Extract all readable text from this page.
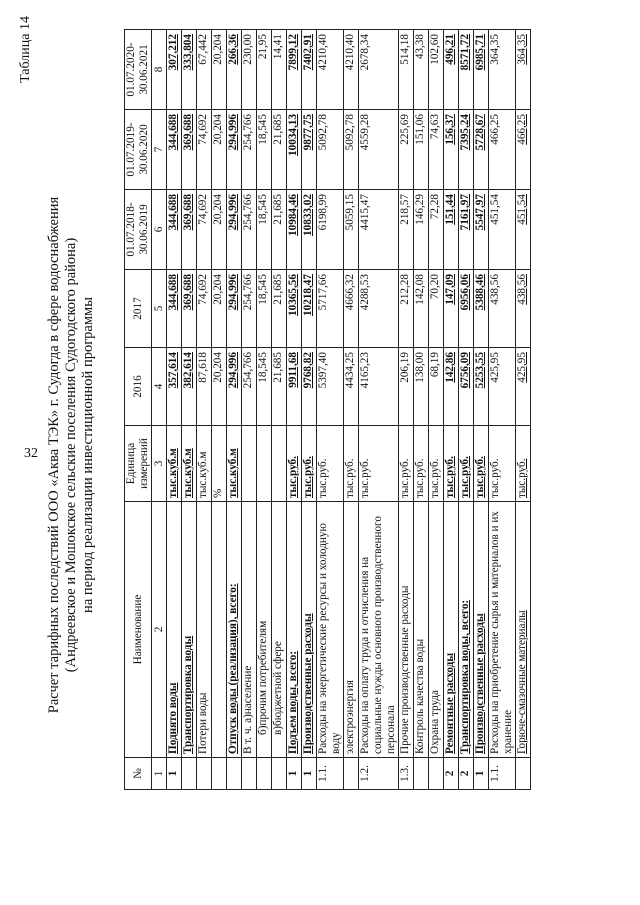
32
Таблица 14
Расчет тарифных последствий ООО «Аква ТЭК» г. Судогда в сфере водоснабжения (Андреевское и Мошокское сельские поселения Судогодского района) на период реализации инвестиционной программы
№	Наименование	Единица измерений	2016	2017	01.07.2018-30.06.2019	01.07.2019-30.06.2020	01.07.2020-30.06.2021
1	2	3	4	5	6	7	8
1	Поднято воды	тыс.куб.м	357,614	344,688	344,688	344,688	307,212
	Транспортировка воды	тыс.куб.м	382,614	369,688	369,688	369,688	333,804
	Потери воды	тыс.куб.м	87,618	74,692	74,692	74,692	67,442
		%	20,204	20,204	20,204	20,204	20,204
	Отпуск воды (реализация), всего:	тыс.куб.м	294,996	294,996	294,996	294,996	266,36
	В т. ч. а)население		254,766	254,766	254,766	254,766	230,00
	б)прочим потребителям		18,545	18,545	18,545	18,545	21,95
	в)бюджетной сфере		21,685	21,685	21,685	21,685	14,41
1	Подъем воды, всего:	тыс.руб.	9911,68	10365,56	10984,46	10034,13	7899,12
1	Производственные расходы	тыс.руб.	9768,82	10218,47	10833,02	9877,75	7402,91
1.1.	Расходы на энергетические ресурсы и холодную воду	тыс.руб.	5397,40	5717,66	6198,99	5092,78	4210,40
	электроэнергия	тыс.руб.	4434,25	4666,32	5059,15	5092,78	4210,40
1.2.	Расходы на оплату труда и отчисления на социальные нужды основного производственного персонала	тыс.руб.	4165,23	4288,53	4415,47	4559,28	2678,34
1.3.	Прочие производственные расходы	тыс.руб.	206,19	212,28	218,57	225,69	514,18
	Контроль качества воды	тыс.руб.	138,00	142,08	146,29	151,06	43,38
	Охрана труда	тыс.руб.	68,19	70,20	72,28	74,63	102,60
2	Ремонтные расходы	тыс.руб.	142,86	147,09	151,44	156,37	496,21
2	Транспортировка воды, всего:	тыс.руб.	6756,09	6956,06	7161,97	7395,24	8571,72
1	Производственные расходы	тыс.руб.	5253,55	5388,46	5547,97	5728,67	6985,71
1.1.	Расходы на приобретение сырья и материалов и их хранение	тыс.руб.	425,95	438,56	451,54	466,25	364,35
	Горюче-смазочные материалы	тыс.руб.	425,95	438,56	451,54	466,25	364,35
